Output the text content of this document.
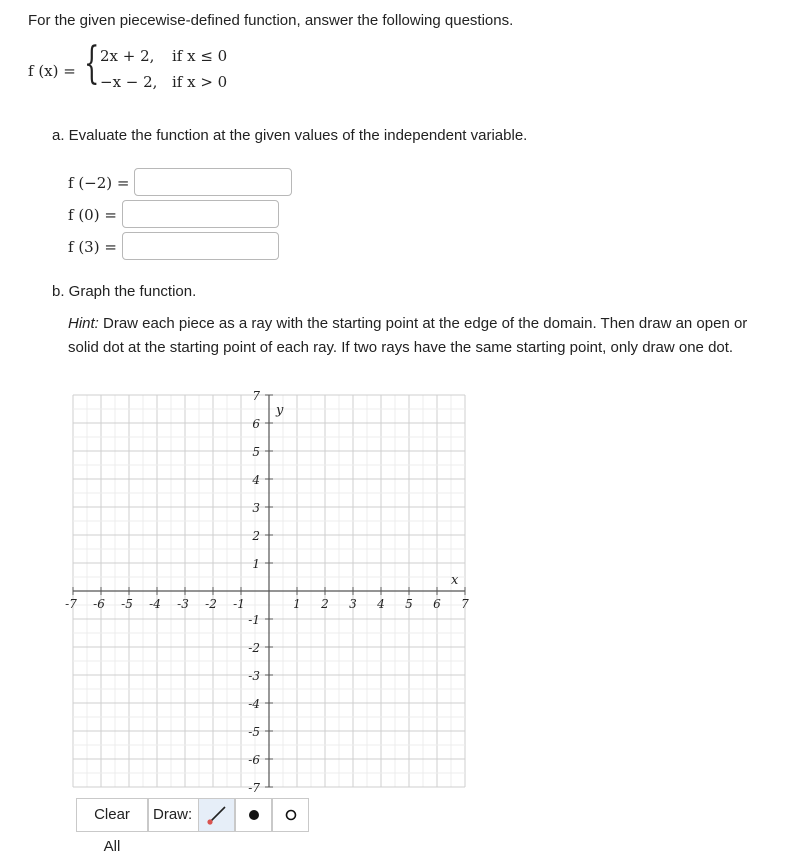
For the given piecewise-defined function, answer the following questions.
f (x) = { 2x + 2, if x ≤ 0
−x − 2, if x > 0
a. Evaluate the function at the given values of the independent variable.
f (−2) =
f (0) =
f (3) =
b. Graph the function.
Hint: Draw each piece as a ray with the starting point at the edge of the domain. Then draw an open or solid dot at the starting point of each ray. If two rays have the same starting point, only draw one dot.
-7 -6 -5 -4 -3 -2 -1	1 2 3 4 5 6 7
7
6
5
4
3
2
1
-1
-2
-3
-4
-5
-6
-7
x
y
Clear All
Draw:
